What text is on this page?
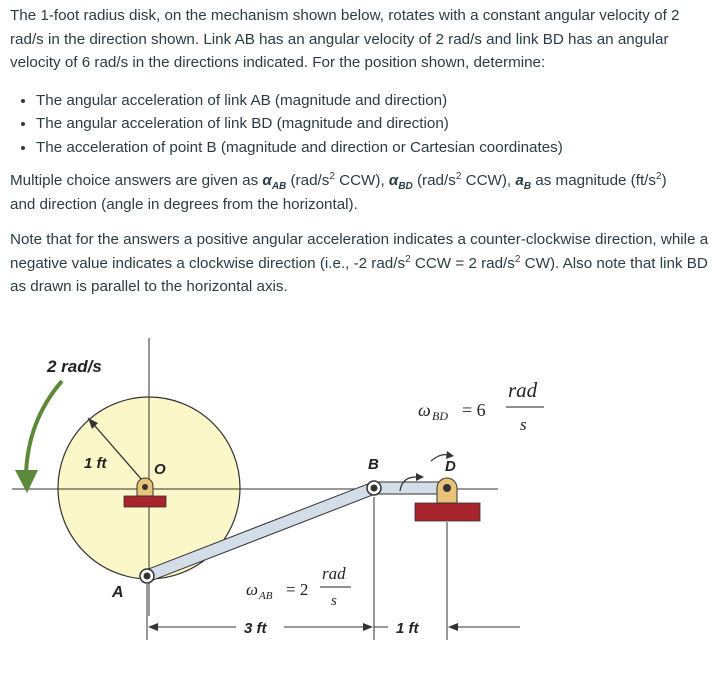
The 1-foot radius disk, on the mechanism shown below, rotates with a constant angular velocity of 2 rad/s in the direction shown. Link AB has an angular velocity of 2 rad/s and link BD has an angular velocity of 6 rad/s in the directions indicated. For the position shown, determine:

• The angular acceleration of link AB (magnitude and direction)
• The angular acceleration of link BD (magnitude and direction)
• The acceleration of point B (magnitude and direction or Cartesian coordinates)

Multiple choice answers are given as $\alpha_{AB}$ ($rad/s^2$ CCW), $\alpha_{BD}$ ($rad/s^2$ CCW), $a_B$ as magnitude $(ft/s^2)$
and direction (angle in degrees from the horizontal).

Note that for the answers a positive angular acceleration indicates a counter-clockwise direction, while a negative value indicates a clockwise direction (i.e., -2 rad/$s^2$ CCW = 2 rad/$s^2$ CW). Also note that link BD as drawn is parallel to the horizontal axis.

2 rad/s
1 ft	O
A
B	D
ω AB = 2
rad
s
ω BD = 6
rad
s
3 ft	1 ft
